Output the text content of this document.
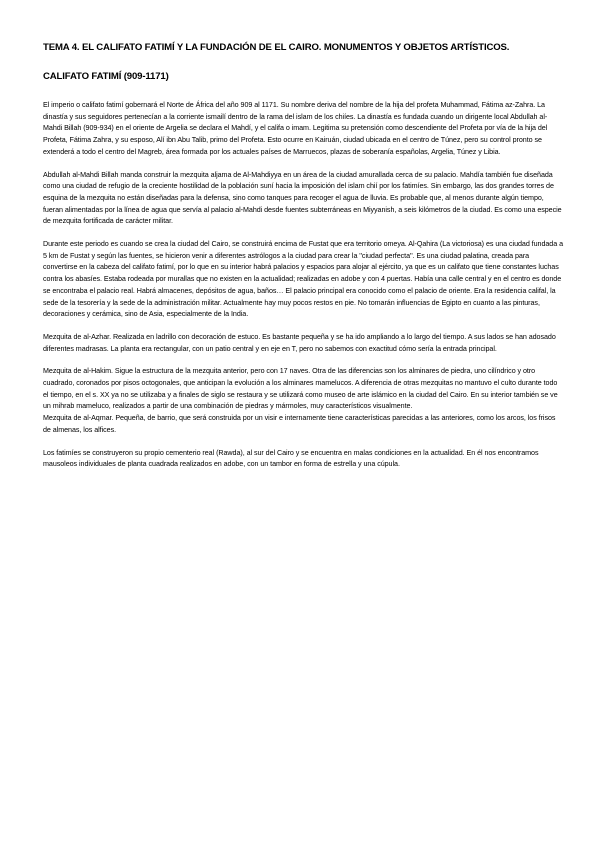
TEMA 4. EL CALIFATO FATIMÍ Y LA FUNDACIÓN DE EL CAIRO. MONUMENTOS Y OBJETOS ARTÍSTICOS.
CALIFATO FATIMÍ (909-1171)

El imperio o califato fatimí gobernará el Norte de África del año 909 al 1171. Su nombre deriva del nombre de la hija del profeta Muhammad, Fátima az-Zahra. La dinastía y sus seguidores pertenecían a la corriente ismailí dentro de la rama del islam de los chiíes. La dinastía es fundada cuando un dirigente local Abdullah al-Mahdi Billah (909-934) en el oriente de Argelia se declara el Mahdí, y el califa o imam. Legitima su pretensión como descendiente del Profeta por vía de la hija del Profeta, Fátima Zahra, y su esposo, Alí ibn Abu Talib, primo del Profeta. Esto ocurre en Kairuán, ciudad ubicada en el centro de Túnez, pero su control pronto se extenderá a todo el centro del Magreb, área formada por los actuales países de Marruecos, plazas de soberanía españolas, Argelia, Túnez y Libia.

Abdullah al-Mahdi Billah manda construir la mezquita aljama de Al-Mahdiyya en un área de la ciudad amurallada cerca de su palacio. Mahdía también fue diseñada como una ciudad de refugio de la creciente hostilidad de la población suní hacia la imposición del islam chií por los fatimíes. Sin embargo, las dos grandes torres de esquina de la mezquita no están diseñadas para la defensa, sino como tanques para recoger el agua de lluvia. Es probable que, al menos durante algún tiempo, fueran alimentadas por la línea de agua que servía al palacio al-Mahdi desde fuentes subterráneas en Miyyanish, a seis kilómetros de la ciudad. Es como una especie de mezquita fortificada de carácter militar.

Durante este periodo es cuando se crea la ciudad del Cairo, se construirá encima de Fustat que era territorio omeya. Al-Qahira (La victoriosa) es una ciudad fundada a 5 km de Fustat y según las fuentes, se hicieron venir a diferentes astrólogos a la ciudad para crear la ''ciudad perfecta''. Es una ciudad palatina, creada para convertirse en la cabeza del califato fatimí, por lo que en su interior habrá palacios y espacios para alojar al ejército, ya que es un califato que tiene constantes luchas contra los abasíes. Estaba rodeada por murallas que no existen en la actualidad; realizadas en adobe y con 4 puertas. Había una calle central y en el centro es donde se encontraba el palacio real. Habrá almacenes, depósitos de agua, baños… El palacio principal era conocido como el palacio de oriente. Era la residencia califal, la sede de la tesorería y la sede de la administración militar. Actualmente hay muy pocos restos en pie. No tomarán influencias de Egipto en cuanto a las pinturas, decoraciones y cerámica, sino de Asia, especialmente de la India.

Mezquita de al-Azhar. Realizada en ladrillo con decoración de estuco. Es bastante pequeña y se ha ido ampliando a lo largo del tiempo. A sus lados se han adosado diferentes madrasas. La planta era rectangular, con un patio central y en eje en T, pero no sabemos con exactitud cómo sería la entrada principal.

Mezquita de al-Hakim. Sigue la estructura de la mezquita anterior, pero con 17 naves. Otra de las diferencias son los alminares de piedra, uno cilíndrico y otro cuadrado, coronados por pisos octogonales, que anticipan la evolución a los alminares mamelucos. A diferencia de otras mezquitas no mantuvo el culto durante todo el tiempo, en el s. XX ya no se utilizaba y a finales de siglo se restaura y se utilizará como museo de arte islámico en la ciudad del Cairo. En su interior también se ve un mihrab mameluco, realizados a partir de una combinación de piedras y mármoles, muy característicos visualmente.

Mezquita de al-Aqmar. Pequeña, de barrio, que será construida por un visir e internamente tiene características parecidas a las anteriores, como los arcos, los frisos de almenas, los alfices.

Los fatimíes se construyeron su propio cementerio real (Rawda), al sur del Cairo y se encuentra en malas condiciones en la actualidad. En él nos encontramos mausoleos individuales de planta cuadrada realizados en adobe, con un tambor en forma de estrella y una cúpula.
